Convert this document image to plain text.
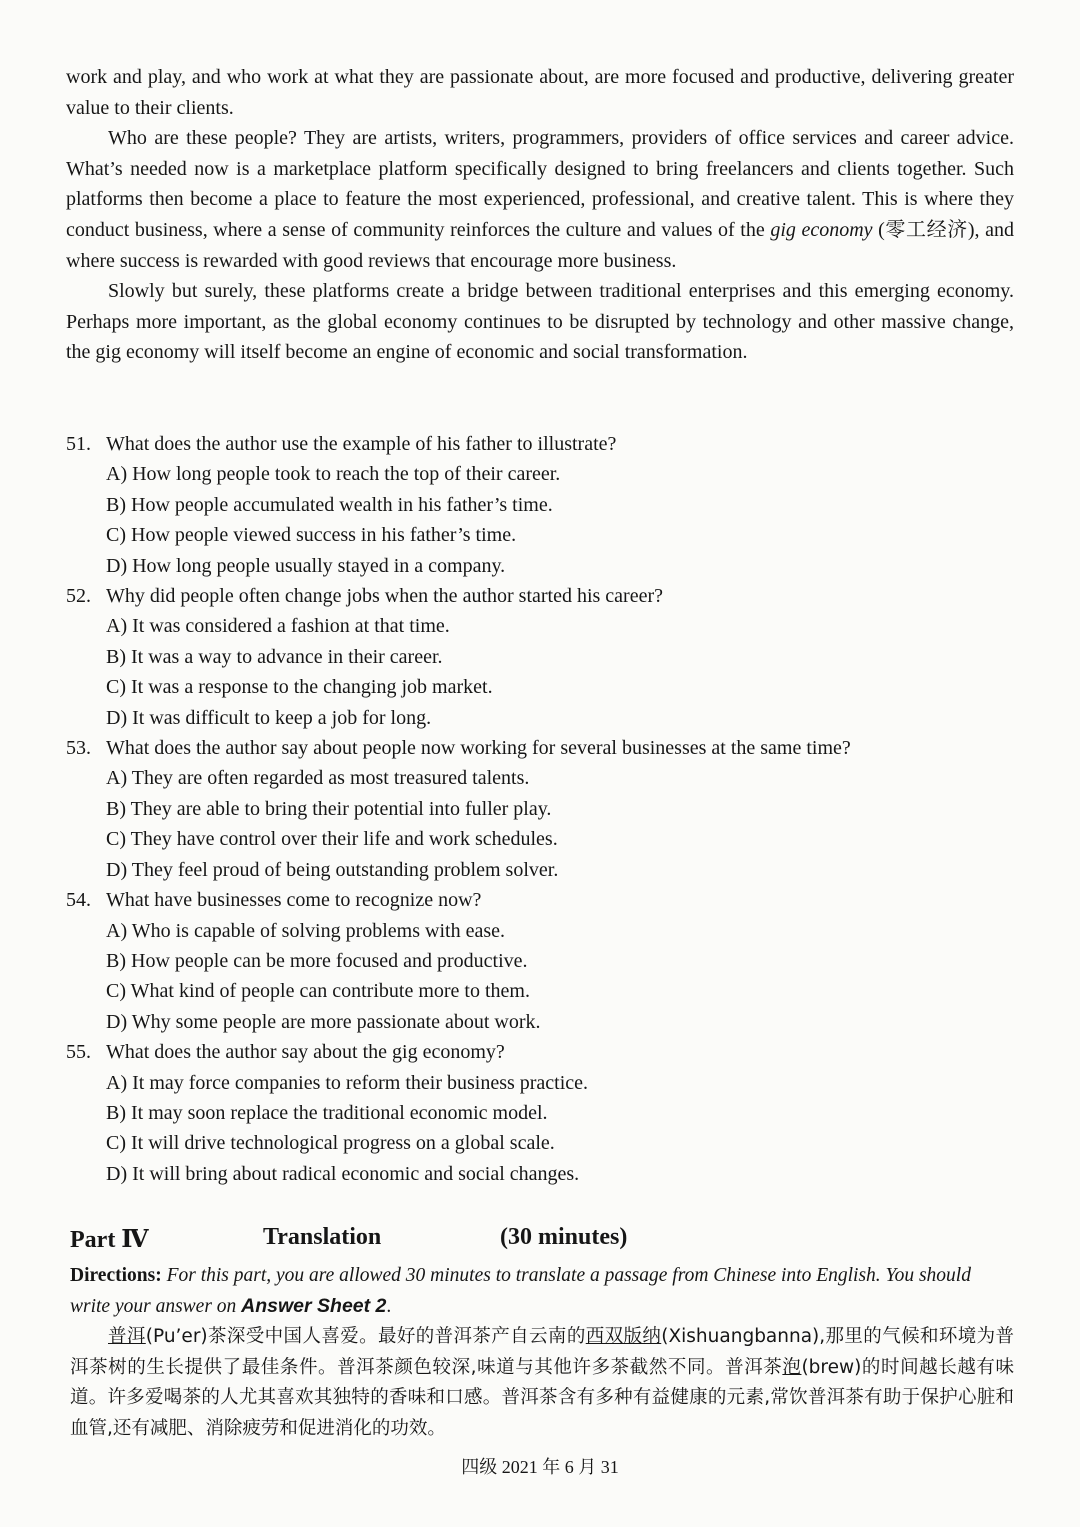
work and play, and who work at what they are passionate about, are more focused and productive, delivering greater value to their clients.

Who are these people? They are artists, writers, programmers, providers of office services and career advice. What’s needed now is a marketplace platform specifically designed to bring freelancers and clients together. Such platforms then become a place to feature the most experienced, professional, and creative talent. This is where they conduct business, where a sense of community reinforces the culture and values of the gig economy (零工经济), and where success is rewarded with good reviews that encourage more business.

Slowly but surely, these platforms create a bridge between traditional enterprises and this emerging economy. Perhaps more important, as the global economy continues to be disrupted by technology and other massive change, the gig economy will itself become an engine of economic and social transformation.

51. What does the author use the example of his father to illustrate?

A) How long people took to reach the top of their career.
B) How people accumulated wealth in his father’s time.
C) How people viewed success in his father’s time.
D) How long people usually stayed in a company.

52. Why did people often change jobs when the author started his career?

A) It was considered a fashion at that time.
B) It was a way to advance in their career.
C) It was a response to the changing job market.
D) It was difficult to keep a job for long.

53. What does the author say about people now working for several businesses at the same time?

A) They are often regarded as most treasured talents.
B) They are able to bring their potential into fuller play.
C) They have control over their life and work schedules.
D) They feel proud of being outstanding problem solver.

54. What have businesses come to recognize now?

A) Who is capable of solving problems with ease.
B) How people can be more focused and productive.
C) What kind of people can contribute more to them.
D) Why some people are more passionate about work.

55. What does the author say about the gig economy?

A) It may force companies to reform their business practice.
B) It may soon replace the traditional economic model.
C) It will drive technological progress on a global scale.
D) It will bring about radical economic and social changes.
Part Ⅳ	Translation	(30 minutes)
Directions: For this part, you are allowed 30 minutes to translate a passage from Chinese into English. You should write your answer on Answer Sheet 2.
普洱(Pu’er)茶深受中国人喜爱。最好的普洱茶产自云南的西双版纳(Xishuangbanna),那里的气候和环境为普洱茶树的生长提供了最佳条件。普洱茶颜色较深,味道与其他许多茶截然不同。普洱茶泡(brew)的时间越长越有味道。许多爱喝茶的人尤其喜欢其独特的香味和口感。普洱茶含有多种有益健康的元素,常饮普洱茶有助于保护心脏和血管,还有减肥、消除疲劳和促进消化的功效。
四级 2021 年 6 月 31
